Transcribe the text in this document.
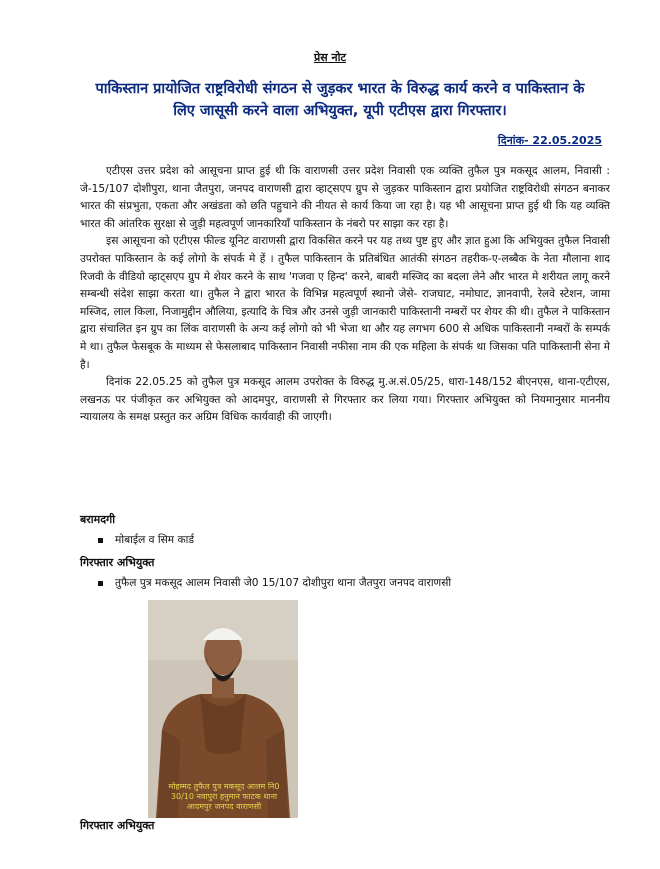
प्रेस नोट
पाकिस्तान प्रायोजित राष्ट्रविरोधी संगठन से जुड़कर भारत के विरुद्ध कार्य करने व पाकिस्तान के
लिए जासूसी करने वाला अभियुक्त, यूपी एटीएस द्वारा गिरफ्तार।
दिनांक- 22.05.2025

एटीएस उत्तर प्रदेश को आसूचना प्राप्त हुई थी कि वाराणसी उत्तर प्रदेश निवासी एक व्यक्ति तुफैल पुत्र मकसूद आलम, निवासी : जे-15/107 दोशीपुरा, थाना जैतपुरा, जनपद वाराणसी द्वारा व्हाट्सएप ग्रुप से जुड़कर पाकिस्तान द्वारा प्रयोजित राष्ट्रविरोधी संगठन बनाकर भारत की संप्रभुता, एकता और अखंडता को छति पहुचाने की नीयत से कार्य किया जा रहा है। यह भी आसूचना प्राप्त हुई थी कि यह व्यक्ति भारत की आंतरिक सुरक्षा से जुड़ी महत्वपूर्ण जानकारियाँ पाकिस्तान के नंबरो पर साझा कर रहा है।

इस आसूचना को एटीएस फील्ड यूनिट वाराणसी द्वारा विकसित करने पर यह तथ्य पुष्ट हुए और ज्ञात हुआ कि अभियुक्त तुफैल निवासी उपरोक्त पाकिस्तान के कई लोगो के संपर्क मे हें । तुफैल पाकिस्तान के प्रतिबंधित आतंकी संगठन तहरीक-ए-लब्बैक के नेता मौलाना शाद रिजवी के वीडियो व्हाट्सएप ग्रुप मे शेयर करने के साथ 'गजवा ए हिन्द' करने, बाबरी मस्जिद का बदला लेने और भारत मे शरीयत लागू करने सम्बन्धी संदेश साझा करता था। तुफैल ने द्वारा भारत के विभिन्न महत्वपूर्ण स्थानो जेसे- राजघाट, नमोघाट, ज्ञानवापी, रेलवे स्टेशन, जामा मस्जिद, लाल किला, निजामुद्दीन औलिया, इत्यादि के चित्र और उनसे जुड़ी जानकारी पाकिस्तानी नम्बरों पर शेयर की थी। तुफैल ने पाकिस्तान द्वारा संचालित इन ग्रुप का लिंक वाराणसी के अन्य कई लोगो को भी भेजा था और यह लगभग 600 से अधिक पाकिस्तानी नम्बरों के सम्पर्क मे था। तुफैल फेसबूक के माध्यम से फेसलाबाद पाकिस्तान निवासी नफीसा नाम की एक महिला के संपर्क था जिसका पति पाकिस्तानी सेना मे है।

दिनांक 22.05.25 को तुफैल पुत्र मकसूद आलम उपरोक्त के विरुद्ध मु.अ.सं.05/25, धारा-148/152 बीएनएस, थाना-एटीएस, लखनऊ पर पंजीकृत कर अभियुक्त को आदमपुर, वाराणसी से गिरफ्तार कर लिया गया। गिरफ्तार अभियुक्त को नियमानुसार माननीय न्यायालय के समक्ष प्रस्तुत कर अग्रिम विधिक कार्यवाही की जाएगी।

बरामदगी
मोबाईल व सिम कार्ड
गिरफ्तार अभियुक्त
तुफैल पुत्र मकसूद आलम निवासी जे0 15/107 दोशीपुरा थाना जैतपुरा जनपद वाराणसी
मोहम्मद तुफैल पुत्र मकसूद आलम नि0
30/10 नवापुरा हनुमान फाटक थाना
आदमपुर जनपद वाराणसी
गिरफ्तार अभियुक्त
